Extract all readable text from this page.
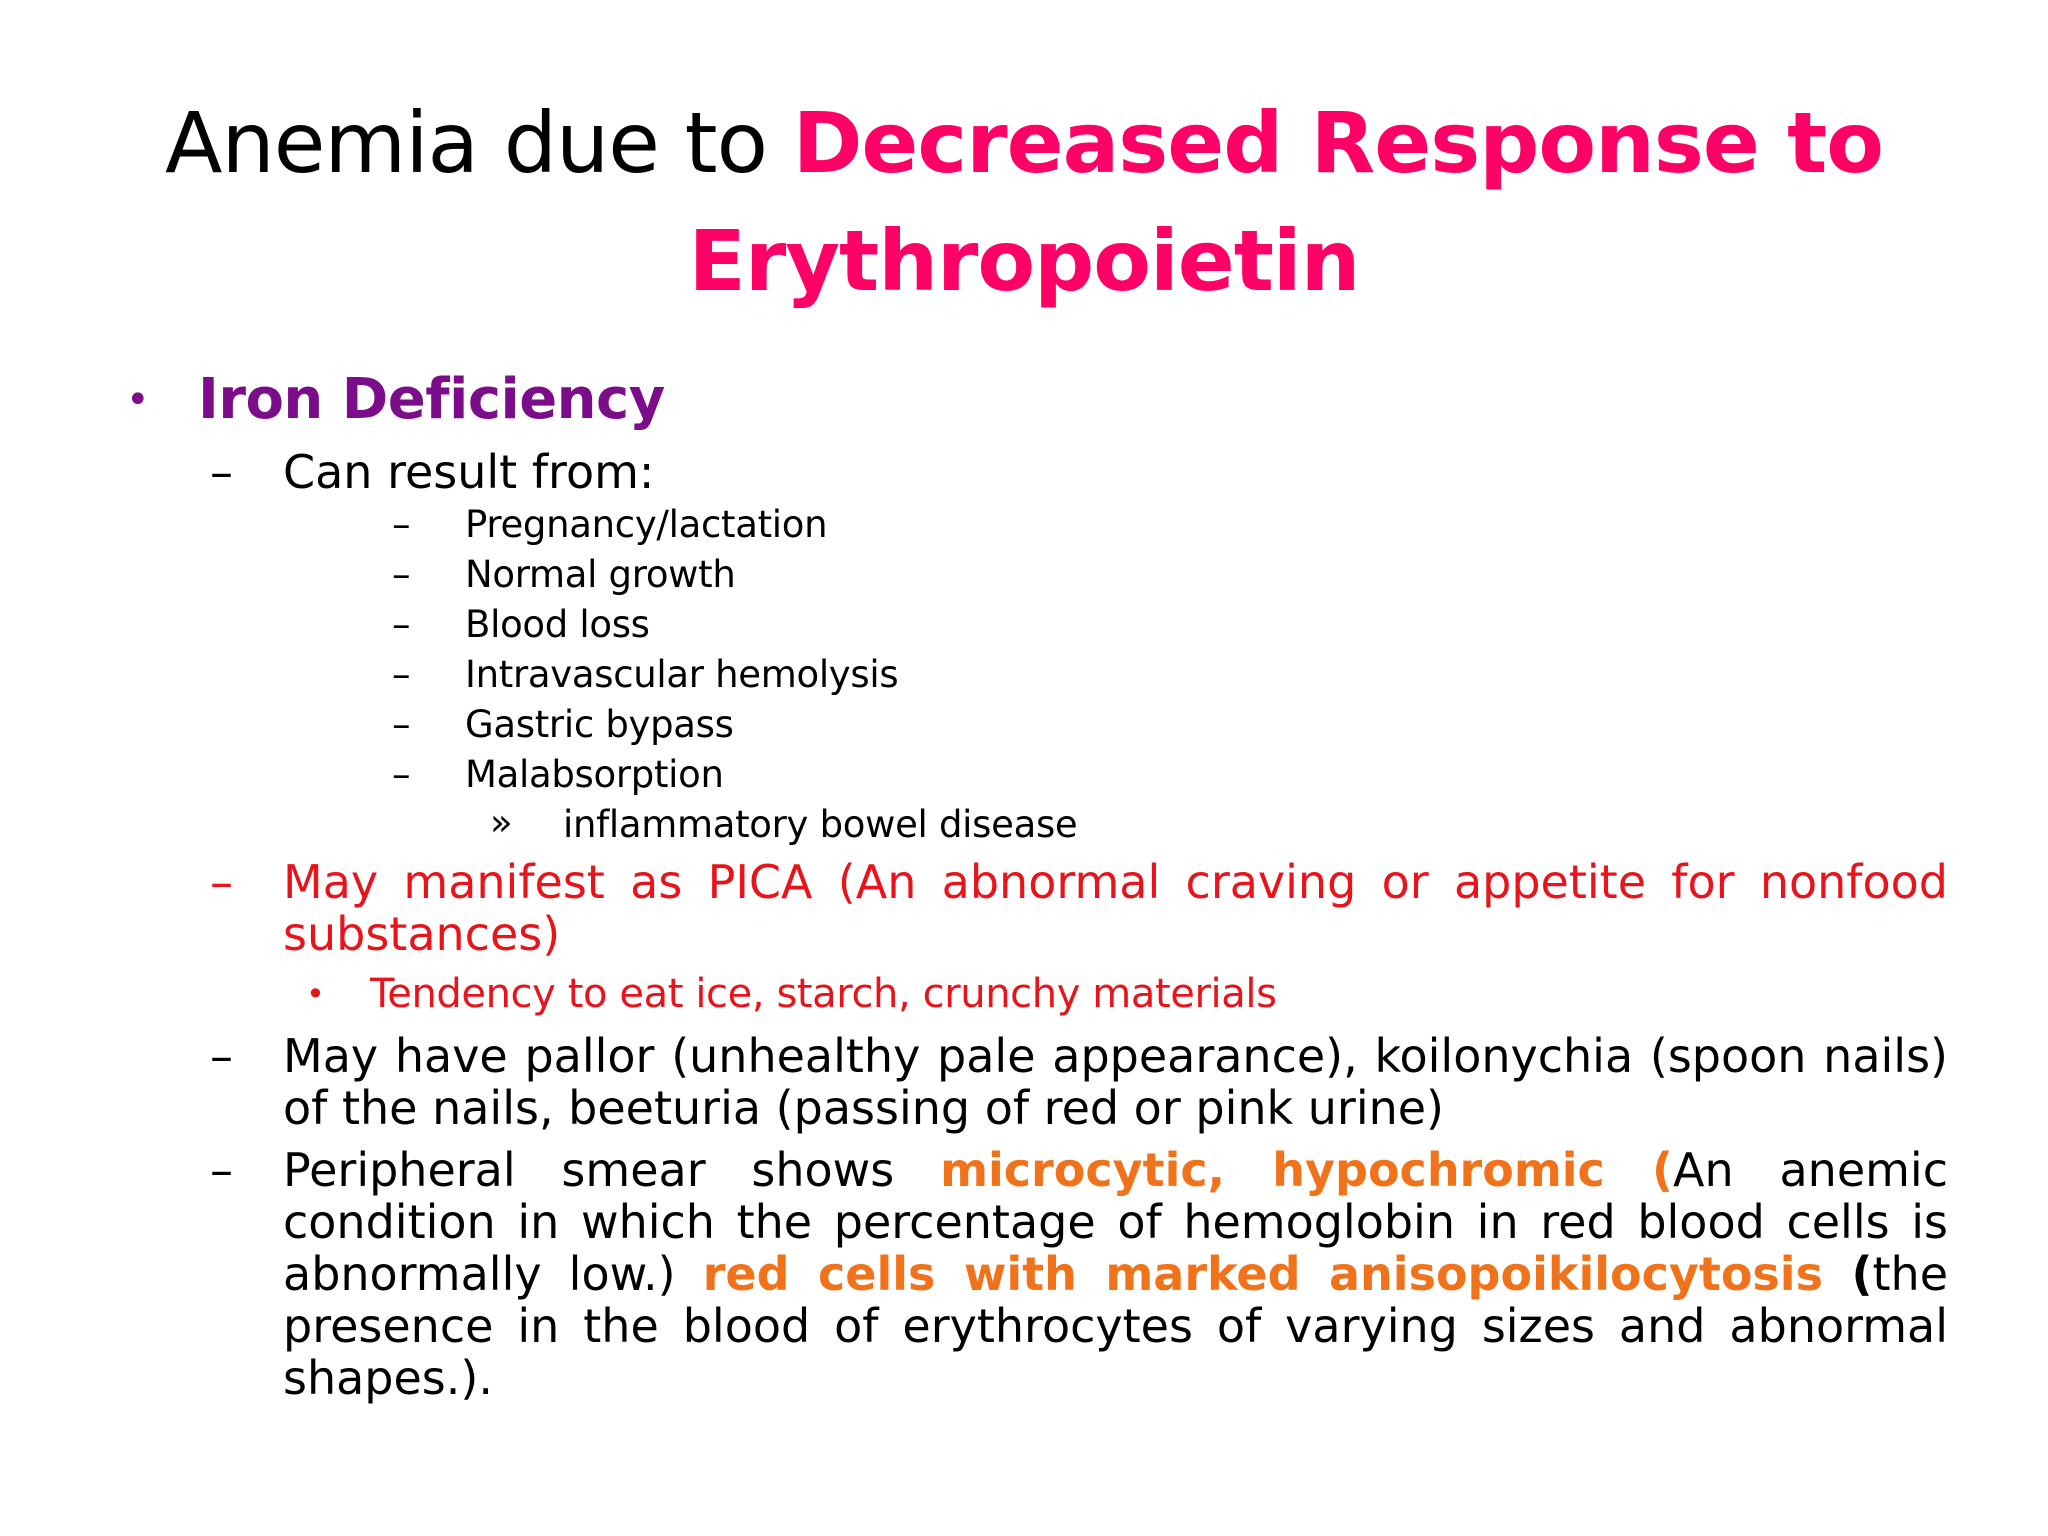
Anemia due to Decreased Response to Erythropoietin
• Iron Deficiency
– Can result from:
– Pregnancy/lactation
– Normal growth
– Blood loss
– Intravascular hemolysis
– Gastric bypass
– Malabsorption
» inflammatory bowel disease
– May manifest as PICA (An abnormal craving or appetite for nonfood substances)
• Tendency to eat ice, starch, crunchy materials
– May have pallor (unhealthy pale appearance), koilonychia (spoon nails) of the nails, beeturia (passing of red or pink urine)
– Peripheral smear shows microcytic, hypochromic (An anemic condition in which the percentage of hemoglobin in red blood cells is abnormally low.) red cells with marked anisopoikilocytosis (the presence in the blood of erythrocytes of varying sizes and abnormal shapes.).
